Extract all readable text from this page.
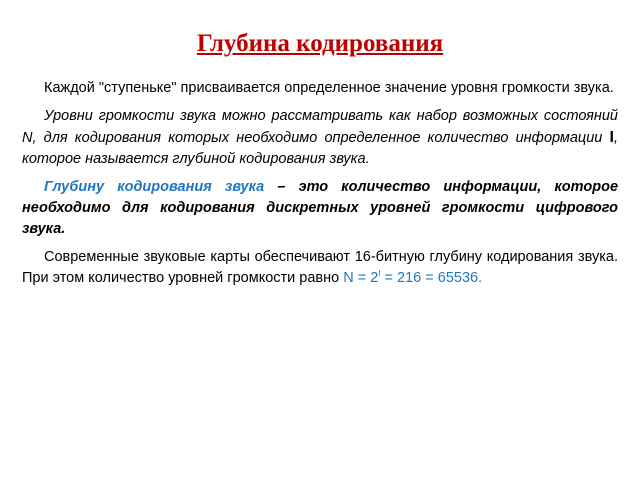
Глубина кодирования

Каждой "ступеньке" присваивается определенное значение уровня громкости звука.

Уровни громкости звука можно рассматривать как набор возможных состояний N, для кодирования которых необходимо определенное количество информации I, которое называется глубиной кодирования звука.

Глубину кодирования звука – это количество информации, которое необходимо для кодирования дискретных уровней громкости цифрового звука.

Современные звуковые карты обеспечивают 16-битную глубину кодирования звука. При этом количество уровней громкости равно $N = 2^I = 216 = 65536$.
